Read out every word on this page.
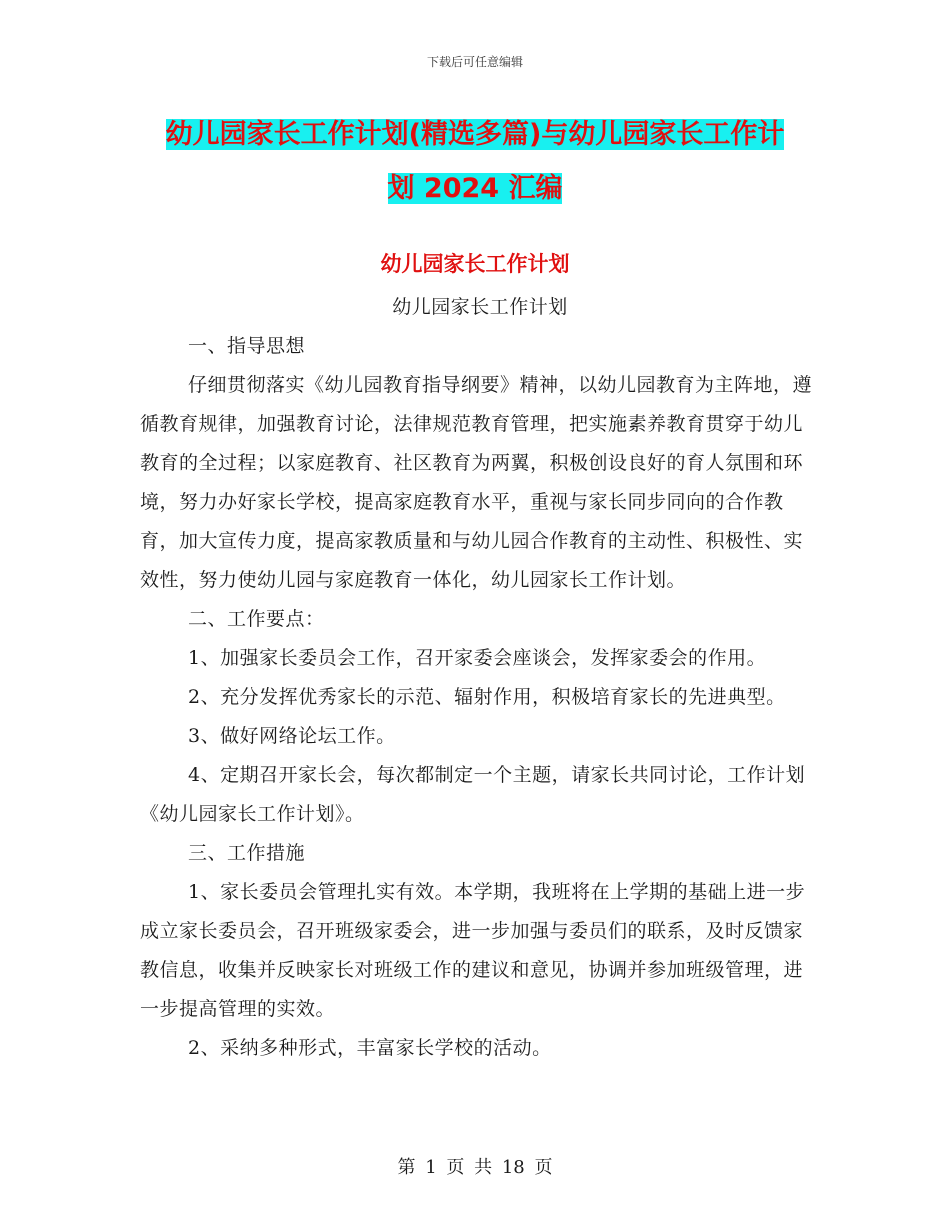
下载后可任意编辑
幼儿园家长工作计划(精选多篇)与幼儿园家长工作计
划 2024 汇编
幼儿园家长工作计划

幼儿园家长工作计划

一、指导思想

仔细贯彻落实《幼儿园教育指导纲要》精神，以幼儿园教育为主阵地，遵循教育规律，加强教育讨论，法律规范教育管理，把实施素养教育贯穿于幼儿教育的全过程；以家庭教育、社区教育为两翼，积极创设良好的育人氛围和环境，努力办好家长学校，提高家庭教育水平，重视与家长同步同向的合作教育，加大宣传力度，提高家教质量和与幼儿园合作教育的主动性、积极性、实效性，努力使幼儿园与家庭教育一体化，幼儿园家长工作计划。

二、工作要点：

1、加强家长委员会工作，召开家委会座谈会，发挥家委会的作用。

2、充分发挥优秀家长的示范、辐射作用，积极培育家长的先进典型。

3、做好网络论坛工作。

4、定期召开家长会，每次都制定一个主题，请家长共同讨论，工作计划《幼儿园家长工作计划》。

三、工作措施

1、家长委员会管理扎实有效。本学期，我班将在上学期的基础上进一步成立家长委员会，召开班级家委会，进一步加强与委员们的联系，及时反馈家教信息，收集并反映家长对班级工作的建议和意见，协调并参加班级管理，进一步提高管理的实效。

2、采纳多种形式，丰富家长学校的活动。

第 1 页 共 18 页
